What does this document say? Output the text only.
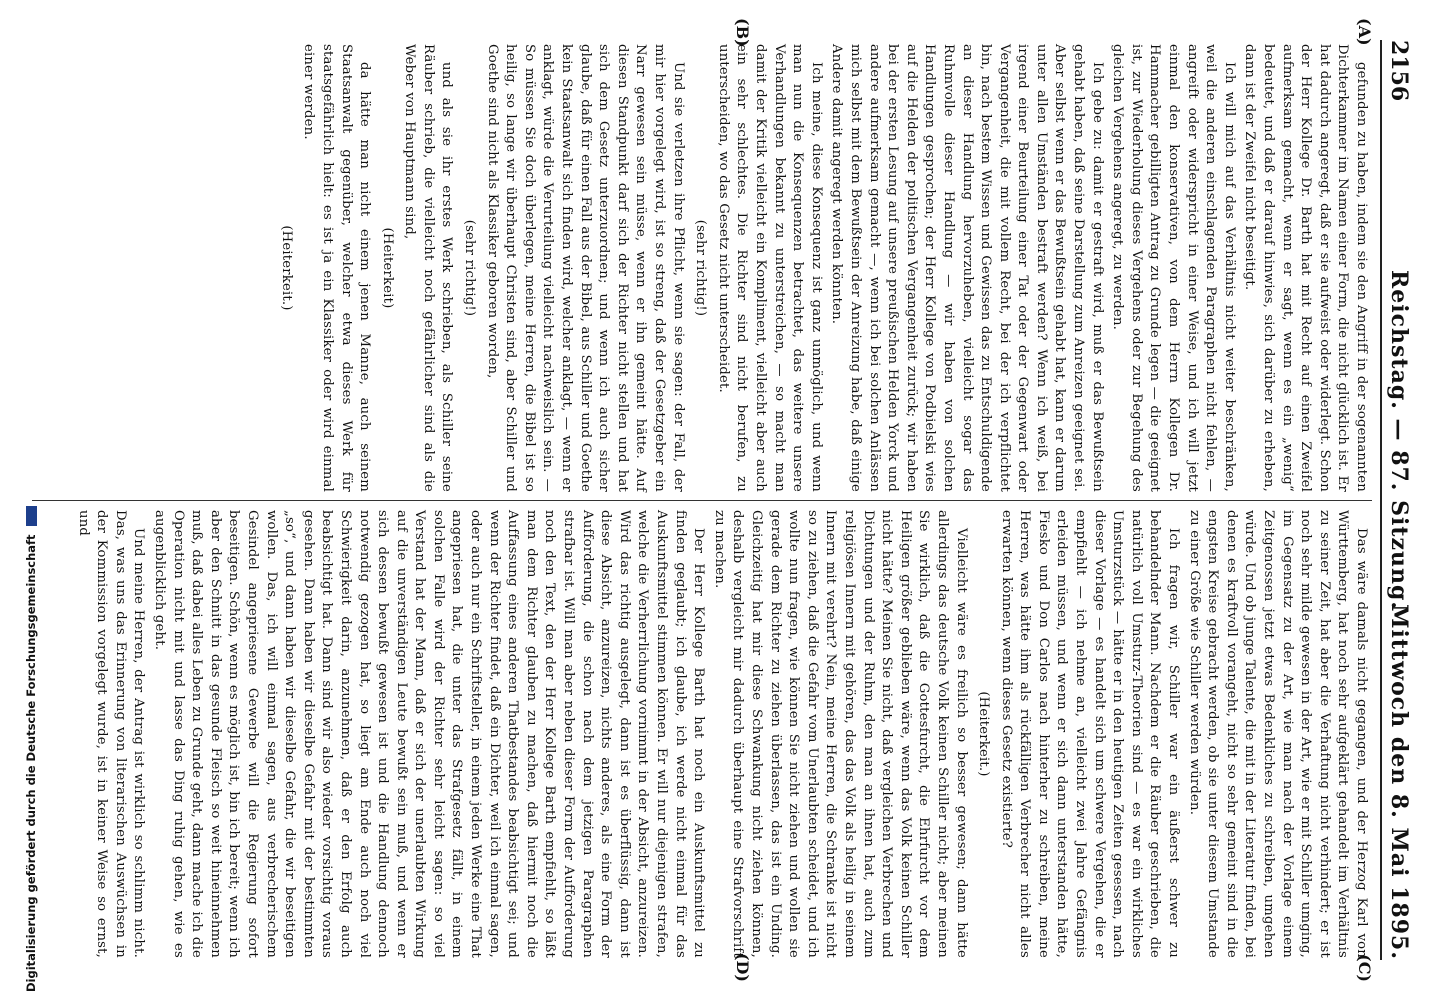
Digitalisierung gefördert durch die Deutsche Forschungsgemeinschaft
2156
Reichstag. — 87. Sitzung.
Mittwoch den 8. Mai 1895.
(A)
(B)
(C)
(D)

gefunden zu haben, indem sie den Angriff in der sogenannten Dichterkammer im Namen einer Form, die nicht glücklich ist. Er hat dadurch angeregt, daß er sie aufweist oder widerlegt. Schon der Herr Kollege Dr. Barth hat mit Recht auf einen Zweifel aufmerksam gemacht, wenn er sagt, wenn es ein „wenig“ bedeutet, und daß er darauf hinwies, sich darüber zu erheben, dann ist der Zweifel nicht beseitigt.

Ich will mich auf das Verhältnis nicht weiter beschränken, weil die anderen einschlagenden Paragraphen nicht fehlen, — angreift oder widerspricht in einer Weise, und ich will jetzt einmal den konservativen, von dem Herrn Kollegen Dr. Hammacher gebilligten Antrag zu Grunde legen — die geeignet ist, zur Wiederholung dieses Vergehens oder zur Begehung des gleichen Vergehens angeregt, zu werden.

Ich gebe zu: damit er gestraft wird, muß er das Bewußtsein gehabt haben, daß seine Darstellung zum Anreizen geeignet sei. Aber selbst wenn er das Bewußtsein gehabt hat, kann er darum unter allen Umständen bestraft werden? Wenn ich weiß, bei irgend einer Beurteilung einer Tat oder der Gegenwart oder Vergangenheit, die mit vollem Recht, bei der ich verpflichtet bin, nach bestem Wissen und Gewissen das zu Entschuldigende an dieser Handlung hervorzuheben, vielleicht sogar das Ruhmvolle dieser Handlung — wir haben von solchen Handlungen gesprochen; der Herr Kollege von Podbielski wies auf die Helden der politischen Vergangenheit zurück; wir haben bei der ersten Lesung auf unsere preußischen Helden Yorck und andere aufmerksam gemacht —, wenn ich bei solchen Anlässen mich selbst mit dem Bewußtsein der Anreizung habe, daß einige Andere damit angeregt werden könnten.

Ich meine, diese Konsequenz ist ganz unmöglich, und wenn man nun die Konsequenzen betrachtet, das weitere unsere Verhandlungen bekannt zu unterstreichen, — so macht man damit der Kritik vielleicht ein Kompliment, vielleicht aber auch ein sehr schlechtes. Die Richter sind nicht berufen, zu unterscheiden, wo das Gesetz nicht unterscheidet.

(sehr richtig!)

Und sie verletzen ihre Pflicht, wenn sie sagen: der Fall, der mir hier vorgelegt wird, ist so streng, daß der Gesetzgeber ein Narr gewesen sein müsse, wenn er ihn gemeint hätte. Auf diesen Standpunkt darf sich der Richter nicht stellen und hat sich dem Gesetz unterzuordnen; und wenn ich auch sicher glaube, daß für einen Fall aus der Bibel, aus Schiller und Goethe kein Staatsanwalt sich finden wird, welcher anklagt, — wenn er anklagt, würde die Verurteilung vielleicht nachweislich sein. — So müssen Sie doch überlegen, meine Herren, die Bibel ist so heilig, so lange wir überhaupt Christen sind, aber Schiller und Goethe sind nicht als Klassiker geboren worden,

(sehr richtig!)

und als sie ihr erstes Werk schrieben, als Schiller seine Räuber schrieb, die vielleicht noch gefährlicher sind als die Weber von Hauptmann sind,

(Heiterkeit)

da hätte man nicht einem jenen Manne, auch seinem Staatsanwalt gegenüber, welcher etwa dieses Werk für staatsgefährlich hielt: es ist ja ein Klassiker oder wird einmal einer werden.

(Heiterkeit.)

Das wäre damals nicht gegangen, und der Herzog Karl von Württemberg, hat noch sehr aufgeklärt gehandelt im Verhältnis zu seiner Zeit, hat aber die Verhaftung nicht verhindert; er ist noch sehr milde gewesen in der Art, wie er mit Schiller umging, im Gegensatz zu der Art, wie man nach der Vorlage einem Zeitgenossen jetzt etwas Bedenkliches zu schreiben, umgehen würde. Und ob junge Talente, die mit in der Literatur finden, bei denen es kraftvoll vorangeht, nicht so sehr gemeint sind in die engsten Kreise gebracht werden, ob sie unter diesem Umstande zu einer Größe wie Schiller werden würden.

Ich fragen wir, Schiller war ein äußerst schwer zu behandelnder Mann. Nachdem er die Räuber geschrieben, die natürlich voll Umsturz-Theorien sind — es war ein wirkliches Umsturzstück — hätte er in den heutigen Zeiten gesessen, nach dieser Vorlage — es handelt sich um schwere Vergehen, die er empfiehlt — ich nehme an, vielleicht zwei Jahre Gefängnis erleiden müssen, und wenn er sich dann unterstanden hätte, Fiesko und Don Carlos nach hinterher zu schreiben, meine Herren, was hätte ihm als rückfälligen Verbrecher nicht alles erwarten können, wenn dieses Gesetz existierte?

(Heiterkeit.)

Vielleicht wäre es freilich so besser gewesen; dann hätte allerdings das deutsche Volk keinen Schiller nicht; aber meinen Sie wirklich, daß die Gottesfurcht, die Ehrfurcht vor dem Heiligen größer geblieben wäre, wenn das Volk keinen Schiller nicht hätte? Meinen Sie nicht, daß vergleichen Verbrechen und Dichtungen und der Ruhm, den man an ihnen hat, auch zum religiösen Innern mit gehören, das das Volk als heilig in seinem Innern mit verehrt? Nein, meine Herren, die Schranke ist nicht so zu ziehen, daß die Gefahr vom Unerlaubten scheidet, und ich wollte nun fragen, wie können Sie nicht ziehen und wollen sie gerade dem Richter zu ziehen überlassen, das ist ein Unding. Gleichzeitig hat mir diese Schwankung nicht ziehen können, deshalb vergleicht mir dadurch überhaupt eine Strafvorschrift zu machen.

Der Herr Kollege Barth hat noch ein Auskunftsmittel zu finden geglaubt; ich glaube, ich werde nicht einmal für das Auskunftsmittel stimmen können. Er will nur diejenigen strafen, welche die Verherrlichung vornimmt in der Absicht, anzureizen. Wird das richtig ausgelegt, dann ist es überflüssig, dann ist diese Absicht, anzureizen, nichts anderes, als eine Form der Aufforderung, die schon nach dem jetzigen Paragraphen strafbar ist. Will man aber neben dieser Form der Aufforderung noch den Text, den der Herr Kollege Barth empfiehlt, so läßt man dem Richter glauben zu machen, daß hiermit noch die Auffassung eines anderen Thatbestandes beabsichtigt sei; und wenn der Richter findet, daß ein Dichter, weil ich einmal sagen, oder auch nur ein Schriftsteller, in einem jeden Werke eine That angepriesen hat, die unter das Strafgesetz fällt, in einem solchen Falle wird der Richter sehr leicht sagen: so viel Verstand hat der Mann, daß er sich der unerlaubten Wirkung auf die unverständigen Leute bewußt sein muß, und wenn er sich dessen bewußt gewesen ist und die Handlung dennoch notwendig gezogen hat, so liegt am Ende auch noch viel Schwierigkeit darin, anzunehmen, daß er den Erfolg auch beabsichtigt hat. Dann sind wir also wieder vorsichtig voraus gesehen. Dann haben wir dieselbe Gefahr mit der bestimmten „so“, und dann haben wir dieselbe Gefahr, die wir beseitigen wollen. Das, ich will einmal sagen, aus verbrecherischem Gesindel angepriesene Gewerbe will die Regierung sofort beseitigen. Schön, wenn es möglich ist, bin ich bereit; wenn ich aber den Schnitt in das gesunde Fleisch so weit hineinnehmen muß, daß dabei alles Leben zu Grunde geht, dann mache ich die Operation nicht mit und lasse das Ding ruhig gehen, wie es augenblicklich geht.

Und meine Herren, der Antrag ist wirklich so schlimm nicht. Das, was uns das Erinnerung von literarischen Auswüchsen in der Kommission vorgelegt wurde, ist in keiner Weise so ernst, und
